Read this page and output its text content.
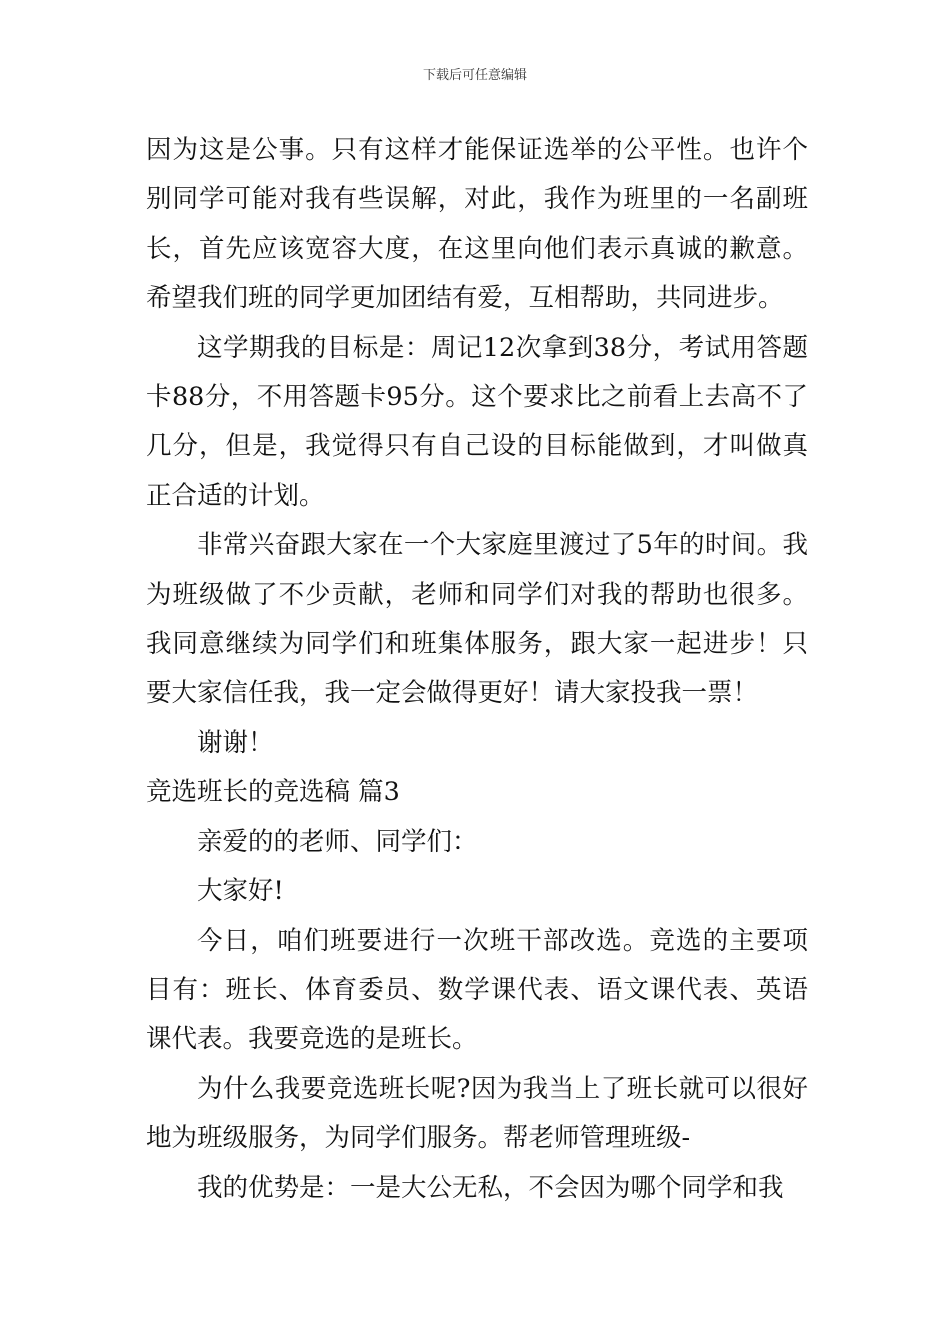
下载后可任意编辑

因为这是公事。只有这样才能保证选举的公平性。也许个别同学可能对我有些误解，对此，我作为班里的一名副班长，首先应该宽容大度，在这里向他们表示真诚的歉意。希望我们班的同学更加团结有爱，互相帮助，共同进步。

这学期我的目标是：周记12次拿到38分，考试用答题卡88分，不用答题卡95分。这个要求比之前看上去高不了几分，但是，我觉得只有自己设的目标能做到，才叫做真正合适的计划。

非常兴奋跟大家在一个大家庭里渡过了5年的时间。我为班级做了不少贡献，老师和同学们对我的帮助也很多。我同意继续为同学们和班集体服务，跟大家一起进步！只要大家信任我，我一定会做得更好！请大家投我一票！

谢谢！

竞选班长的竞选稿 篇3

亲爱的的老师、同学们：

大家好!

今日，咱们班要进行一次班干部改选。竞选的主要项目有：班长、体育委员、数学课代表、语文课代表、英语课代表。我要竞选的是班长。

为什么我要竞选班长呢?因为我当上了班长就可以很好地为班级服务，为同学们服务。帮老师管理班级-

我的优势是：一是大公无私，不会因为哪个同学和我
